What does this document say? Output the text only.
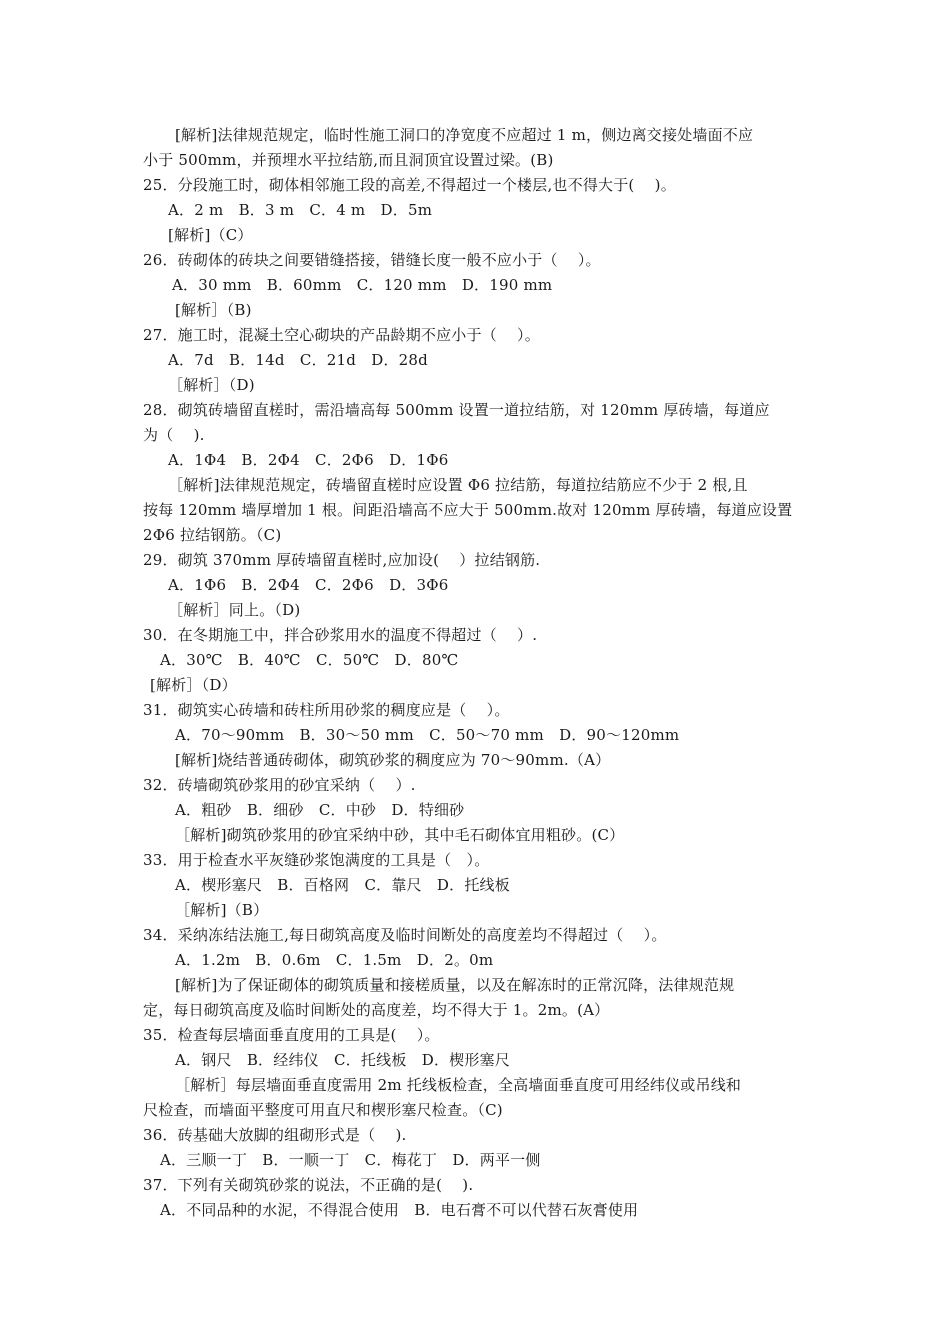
[解析]法律规范规定，临时性施工洞口的净宽度不应超过 1 m，侧边离交接处墙面不应
小于 500mm，并预埋水平拉结筋,而且洞顶宜设置过梁。(B)
25．分段施工时，砌体相邻施工段的高差,不得超过一个楼层,也不得大于(　 )。
A．2 m　B．3 m　C．4 m　D．5m
[解析]（C）
26．砖砌体的砖块之间要错缝搭接，错缝长度一般不应小于（　 ）。
A．30 mm　B．60mm　C．120 mm　D．190 mm
[解析］（B)
27．施工时，混凝土空心砌块的产品龄期不应小于（　 ）。
A．7d　B．14d　C．21d　D．28d
［解析］（D)
28．砌筑砖墙留直槎时，需沿墙高每 500mm 设置一道拉结筋，对 120mm 厚砖墙，每道应
为（　 ).
A．1Φ4　B．2Φ4　C．2Φ6　D．1Φ6
［解析]法律规范规定，砖墙留直槎时应设置 Φ6 拉结筋，每道拉结筋应不少于 2 根,且
按每 120mm 墙厚增加 1 根。间距沿墙高不应大于 500mm.故对 120mm 厚砖墙，每道应设置
2Φ6 拉结钢筋。（C)
29．砌筑 370mm 厚砖墙留直槎时,应加设(　 ）拉结钢筋.
A．1Φ6　B．2Φ4　C．2Φ6　D．3Φ6
［解析］同上。（D)
30．在冬期施工中，拌合砂浆用水的温度不得超过（　 ）.
A．30℃　B．40℃　C．50℃　D．80℃
[解析］（D）
31．砌筑实心砖墙和砖柱所用砂浆的稠度应是（　 ）。
A．70～90mm　B．30～50 mm　C．50～70 mm　D．90～120mm
[解析]烧结普通砖砌体，砌筑砂浆的稠度应为 70～90mm.（A）
32．砖墙砌筑砂浆用的砂宜采纳（　 ）.
A．粗砂　B．细砂　C．中砂　D．特细砂
［解析]砌筑砂浆用的砂宜采纳中砂，其中毛石砌体宜用粗砂。(C）
33．用于检查水平灰缝砂浆饱满度的工具是（　）。
A．楔形塞尺　B．百格网　C．靠尺　D．托线板
［解析]（B）
34．采纳冻结法施工,每日砌筑高度及临时间断处的高度差均不得超过（　 ）。
A．1.2m　B．0.6m　C．1.5m　D．2。0m
[解析]为了保证砌体的砌筑质量和接槎质量，以及在解冻时的正常沉降，法律规范规
定，每日砌筑高度及临时间断处的高度差，均不得大于 1。2m。(A）
35．检查每层墙面垂直度用的工具是(　 ）。
A．钢尺　B．经纬仪　C．托线板　D．楔形塞尺
［解析］每层墙面垂直度需用 2m 托线板检查，全高墙面垂直度可用经纬仪或吊线和
尺检查，而墙面平整度可用直尺和楔形塞尺检查。（C)
36．砖基础大放脚的组砌形式是（　 ).
A．三顺一丁　B．一顺一丁　C．梅花丁　D．两平一侧
37．下列有关砌筑砂浆的说法，不正确的是(　 ).
A．不同品种的水泥，不得混合使用　B．电石膏不可以代替石灰膏使用
